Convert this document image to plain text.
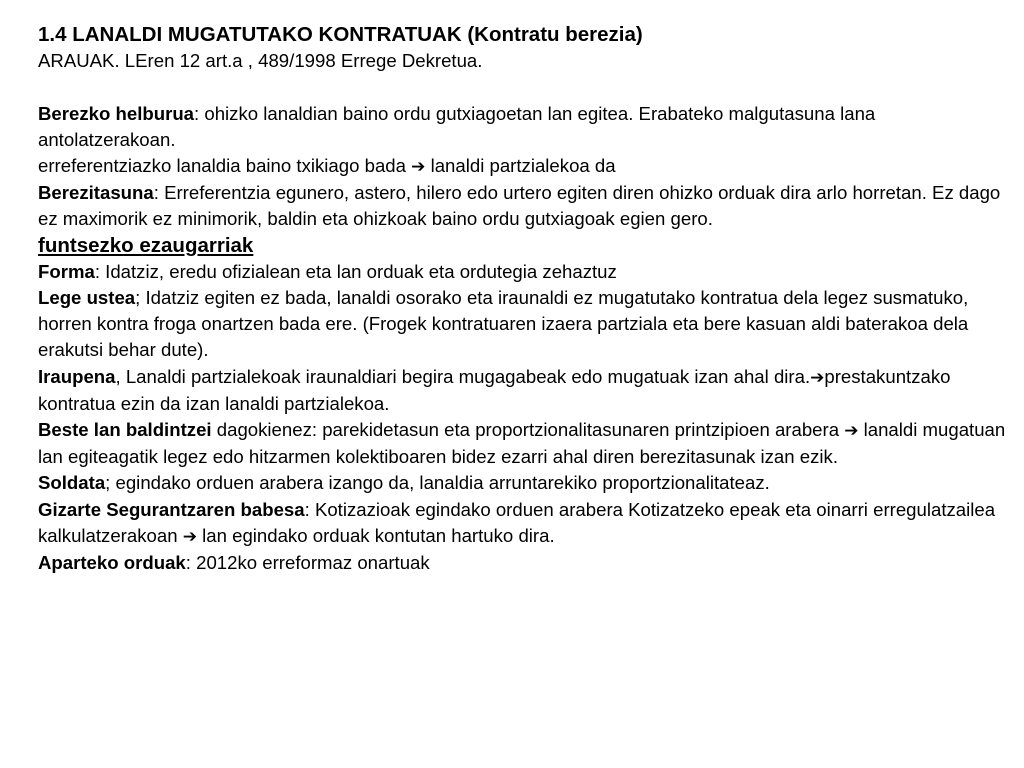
1.4 LANALDI MUGATUTAKO KONTRATUAK (Kontratu berezia)

ARAUAK. LEren 12 art.a , 489/1998 Errege Dekretua.

Berezko helburua: ohizko lanaldian baino ordu gutxiagoetan lan egitea. Erabateko malgutasuna lana antolatzerakoan.

erreferentziazko lanaldia baino txikiago bada ➔ lanaldi partzialekoa da

Berezitasuna: Erreferentzia egunero, astero, hilero edo urtero egiten diren ohizko orduak dira arlo horretan. Ez dago ez maximorik ez minimorik, baldin eta ohizkoak baino ordu gutxiagoak egien gero.

funtsezko ezaugarriak

Forma: Idatziz, eredu ofizialean eta lan orduak eta ordutegia zehaztuz

Lege ustea; Idatziz egiten ez bada, lanaldi osorako eta iraunaldi ez mugatutako kontratua dela legez susmatuko, horren kontra froga onartzen bada ere. (Frogek kontratuaren izaera partziala eta bere kasuan aldi baterakoa dela erakutsi behar dute).

Iraupena, Lanaldi partzialekoak iraunaldiari begira mugagabeak edo mugatuak izan ahal dira.➔prestakuntzako kontratua ezin da izan lanaldi partzialekoa.

Beste lan baldintzei dagokienez: parekidetasun eta proportzionalitasunaren printzipioen arabera ➔ lanaldi mugatuan lan egiteagatik legez edo hitzarmen kolektiboaren bidez ezarri ahal diren berezitasunak izan ezik.

Soldata; egindako orduen arabera izango da, lanaldia arruntarekiko proportzionalitateaz.

Gizarte Segurantzaren babesa: Kotizazioak egindako orduen arabera Kotizatzeko epeak eta oinarri erregulatzailea kalkulatzerakoan ➔ lan egindako orduak kontutan hartuko dira.

Aparteko orduak: 2012ko erreformaz onartuak
